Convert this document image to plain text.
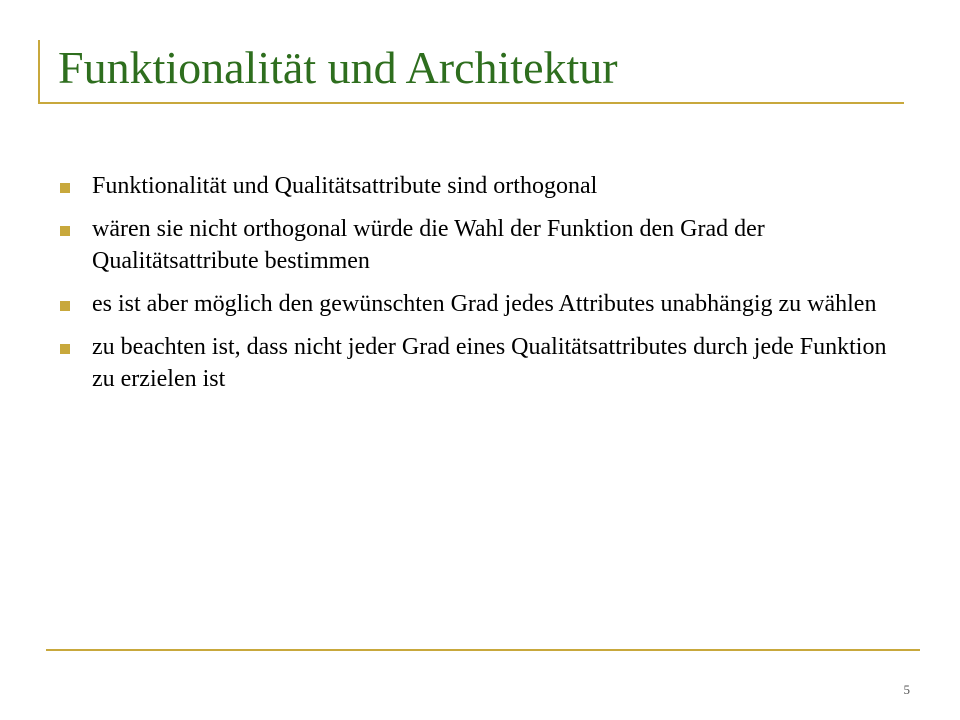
Funktionalität und Architektur
Funktionalität und Qualitätsattribute sind orthogonal
wären sie nicht orthogonal würde die Wahl der Funktion den Grad der Qualitätsattribute bestimmen
es ist aber möglich den gewünschten Grad jedes Attributes unabhängig zu wählen
zu beachten ist, dass nicht jeder Grad eines Qualitätsattributes durch jede Funktion zu erzielen ist
5
